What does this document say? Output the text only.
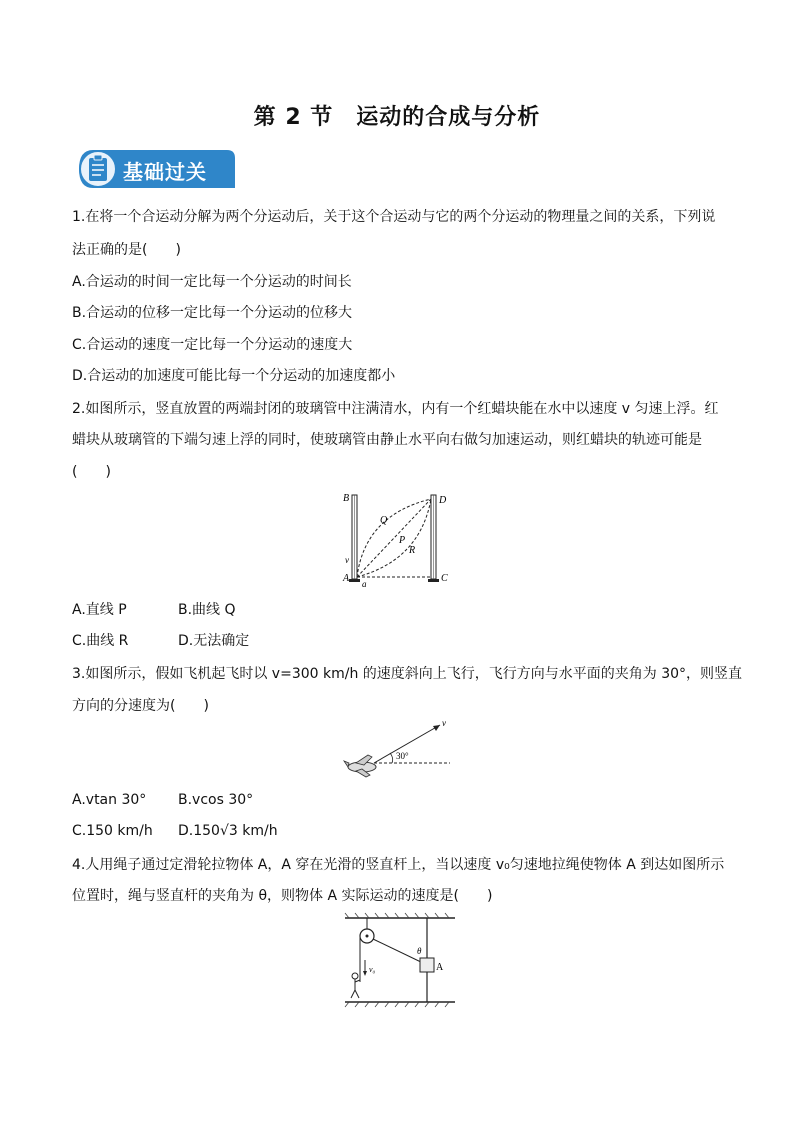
第 2 节　运动的合成与分析
基础过关
1.在将一个合运动分解为两个分运动后，关于这个合运动与它的两个分运动的物理量之间的关系，下列说
法正确的是(　　)
A.合运动的时间一定比每一个分运动的时间长
B.合运动的位移一定比每一个分运动的位移大
C.合运动的速度一定比每一个分运动的速度大
D.合运动的加速度可能比每一个分运动的加速度都小
2.如图所示，竖直放置的两端封闭的玻璃管中注满清水，内有一个红蜡块能在水中以速度 v 匀速上浮。红
蜡块从玻璃管的下端匀速上浮的同时，使玻璃管由静止水平向右做匀加速运动，则红蜡块的轨迹可能是
(　　)
B	D
Q
P
R
v
A a	C
A.直线 P	B.曲线 Q
C.曲线 R	D.无法确定
3.如图所示，假如飞机起飞时以 v=300 km/h 的速度斜向上飞行，飞行方向与水平面的夹角为 30°，则竖直
方向的分速度为(　　)
30°
v
A.vtan 30° B.vcos 30°
C.150 km/h D.150√3 km/h
4.人用绳子通过定滑轮拉物体 A，A 穿在光滑的竖直杆上，当以速度 v₀匀速地拉绳使物体 A 到达如图所示
位置时，绳与竖直杆的夹角为 θ，则物体 A 实际运动的速度是(　　)
A
θ
v₀
